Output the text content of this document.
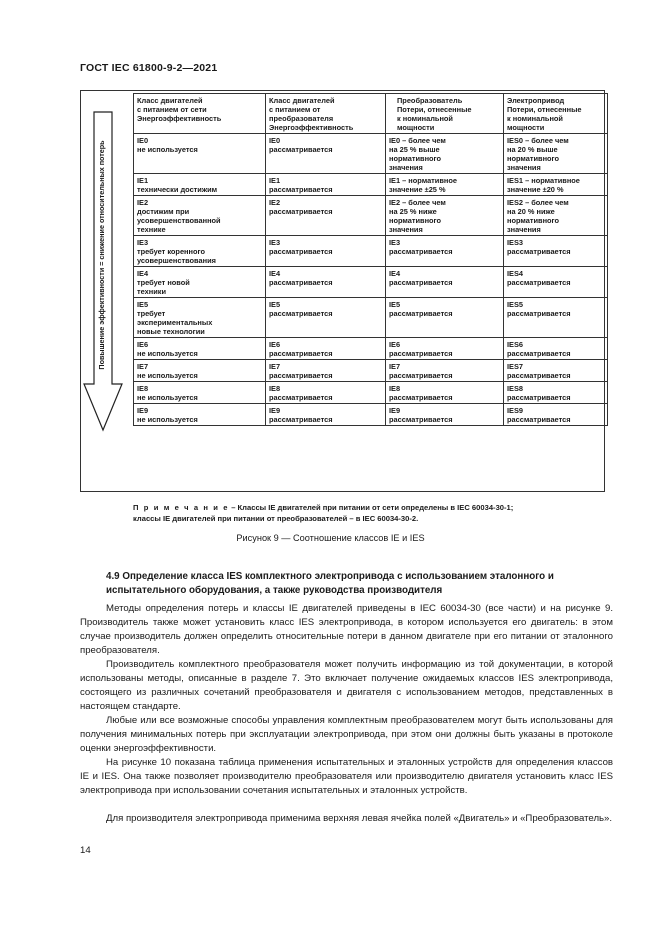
ГОСТ IEC 61800-9-2—2021
Повышение эффективности = снижение относительных потерь
Класс двигателей
с питанием от сети
Энергоэффективность	Класс двигателей
с питанием от
преобразователя
Энергоэффективность	Преобразователь
Потери, отнесенные
к номинальной
мощности	Электропривод
Потери, отнесенные
к номинальной
мощности

IE0
не используется	IE0
рассматривается	IE0 – более чем
на 25 % выше
нормативного
значения	IES0 – более чем
на 20 % выше
нормативного
значения

IE1
технически достижим	IE1
рассматривается	IE1 – нормативное
значение ±25 %	IES1 – нормативное
значение ±20 %

IE2
достижим при
усовершенствованной
технике	IE2
рассматривается	IE2 – более чем
на 25 % ниже
нормативного
значения	IES2 – более чем
на 20 % ниже
нормативного
значения

IE3
требует коренного
усовершенствования	IE3
рассматривается	IE3
рассматривается	IES3
рассматривается

IE4
требует новой
техники	IE4
рассматривается	IE4
рассматривается	IES4
рассматривается

IE5
требует
экспериментальных
новые технологии	IE5
рассматривается	IE5
рассматривается	IES5
рассматривается

IE6
не используется	IE6
рассматривается	IE6
рассматривается	IES6
рассматривается

IE7
не используется	IE7
рассматривается	IE7
рассматривается	IES7
рассматривается

IE8
не используется	IE8
рассматривается	IE8
рассматривается	IES8
рассматривается

IE9
не используется	IE9
рассматривается	IE9
рассматривается	IES9
рассматривается
П р и м е ч а н и е – Классы IE двигателей при питании от сети определены в IEC 60034-30-1;
классы IE двигателей при питании от преобразователей – в IEC 60034-30-2.
Рисунок 9 — Соотношение классов IE и IES
4.9 Определение класса IES комплектного электропривода с использованием эталонного и испытательного оборудования, а также руководства производителя
Методы определения потерь и классы IE двигателей приведены в IEC 60034-30 (все части) и на рисунке 9. Производитель также может установить класс IES электропривода, в котором используется его двигатель: в этом случае производитель должен определить относительные потери в данном двигателе при его питании от эталонного преобразователя.
Производитель комплектного преобразователя может получить информацию из той документации, в которой использованы методы, описанные в разделе 7. Это включает получение ожидаемых классов IES электропривода, состоящего из различных сочетаний преобразователя и двигателя с использованием методов, представленных в настоящем стандарте.
Любые или все возможные способы управления комплектным преобразователем могут быть использованы для получения минимальных потерь при эксплуатации электропривода, при этом они должны быть указаны в протоколе оценки энергоэффективности.
На рисунке 10 показана таблица применения испытательных и эталонных устройств для определения классов IE и IES. Она также позволяет производителю преобразователя или производителю двигателя установить класс IES электропривода при использовании сочетания испытательных и эталонных устройств.
Для производителя электропривода применима верхняя левая ячейка полей «Двигатель» и «Преобразователь».
14
